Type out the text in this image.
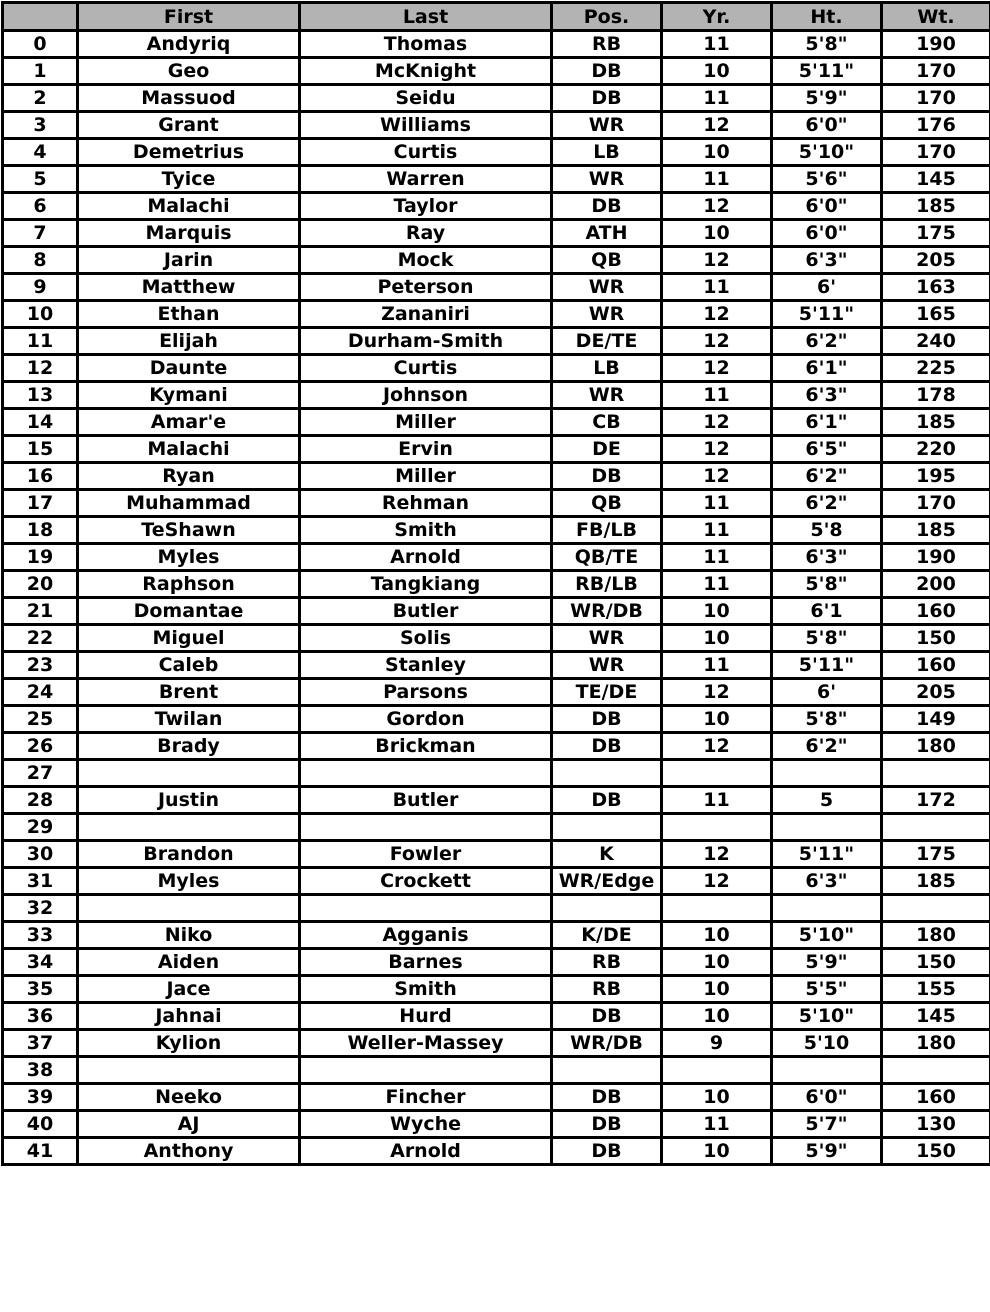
	First	Last	Pos.	Yr.	Ht.	Wt.
0	Andyriq	Thomas	RB	11	5'8"	190
1	Geo	McKnight	DB	10	5'11"	170
2	Massuod	Seidu	DB	11	5'9"	170
3	Grant	Williams	WR	12	6'0"	176
4	Demetrius	Curtis	LB	10	5'10"	170
5	Tyice	Warren	WR	11	5'6"	145
6	Malachi	Taylor	DB	12	6'0"	185
7	Marquis	Ray	ATH	10	6'0"	175
8	Jarin	Mock	QB	12	6'3"	205
9	Matthew	Peterson	WR	11	6'	163
10	Ethan	Zananiri	WR	12	5'11"	165
11	Elijah	Durham-Smith	DE/TE	12	6'2"	240
12	Daunte	Curtis	LB	12	6'1"	225
13	Kymani	Johnson	WR	11	6'3"	178
14	Amar'e	Miller	CB	12	6'1"	185
15	Malachi	Ervin	DE	12	6'5"	220
16	Ryan	Miller	DB	12	6'2"	195
17	Muhammad	Rehman	QB	11	6'2"	170
18	TeShawn	Smith	FB/LB	11	5'8	185
19	Myles	Arnold	QB/TE	11	6'3"	190
20	Raphson	Tangkiang	RB/LB	11	5'8"	200
21	Domantae	Butler	WR/DB	10	6'1	160
22	Miguel	Solis	WR	10	5'8"	150
23	Caleb	Stanley	WR	11	5'11"	160
24	Brent	Parsons	TE/DE	12	6'	205
25	Twilan	Gordon	DB	10	5'8"	149
26	Brady	Brickman	DB	12	6'2"	180
27						
28	Justin	Butler	DB	11	5	172
29						
30	Brandon	Fowler	K	12	5'11"	175
31	Myles	Crockett	WR/Edge	12	6'3"	185
32						
33	Niko	Agganis	K/DE	10	5'10"	180
34	Aiden	Barnes	RB	10	5'9"	150
35	Jace	Smith	RB	10	5'5"	155
36	Jahnai	Hurd	DB	10	5'10"	145
37	Kylion	Weller-Massey	WR/DB	9	5'10	180
38						
39	Neeko	Fincher	DB	10	6'0"	160
40	AJ	Wyche	DB	11	5'7"	130
41	Anthony	Arnold	DB	10	5'9"	150
